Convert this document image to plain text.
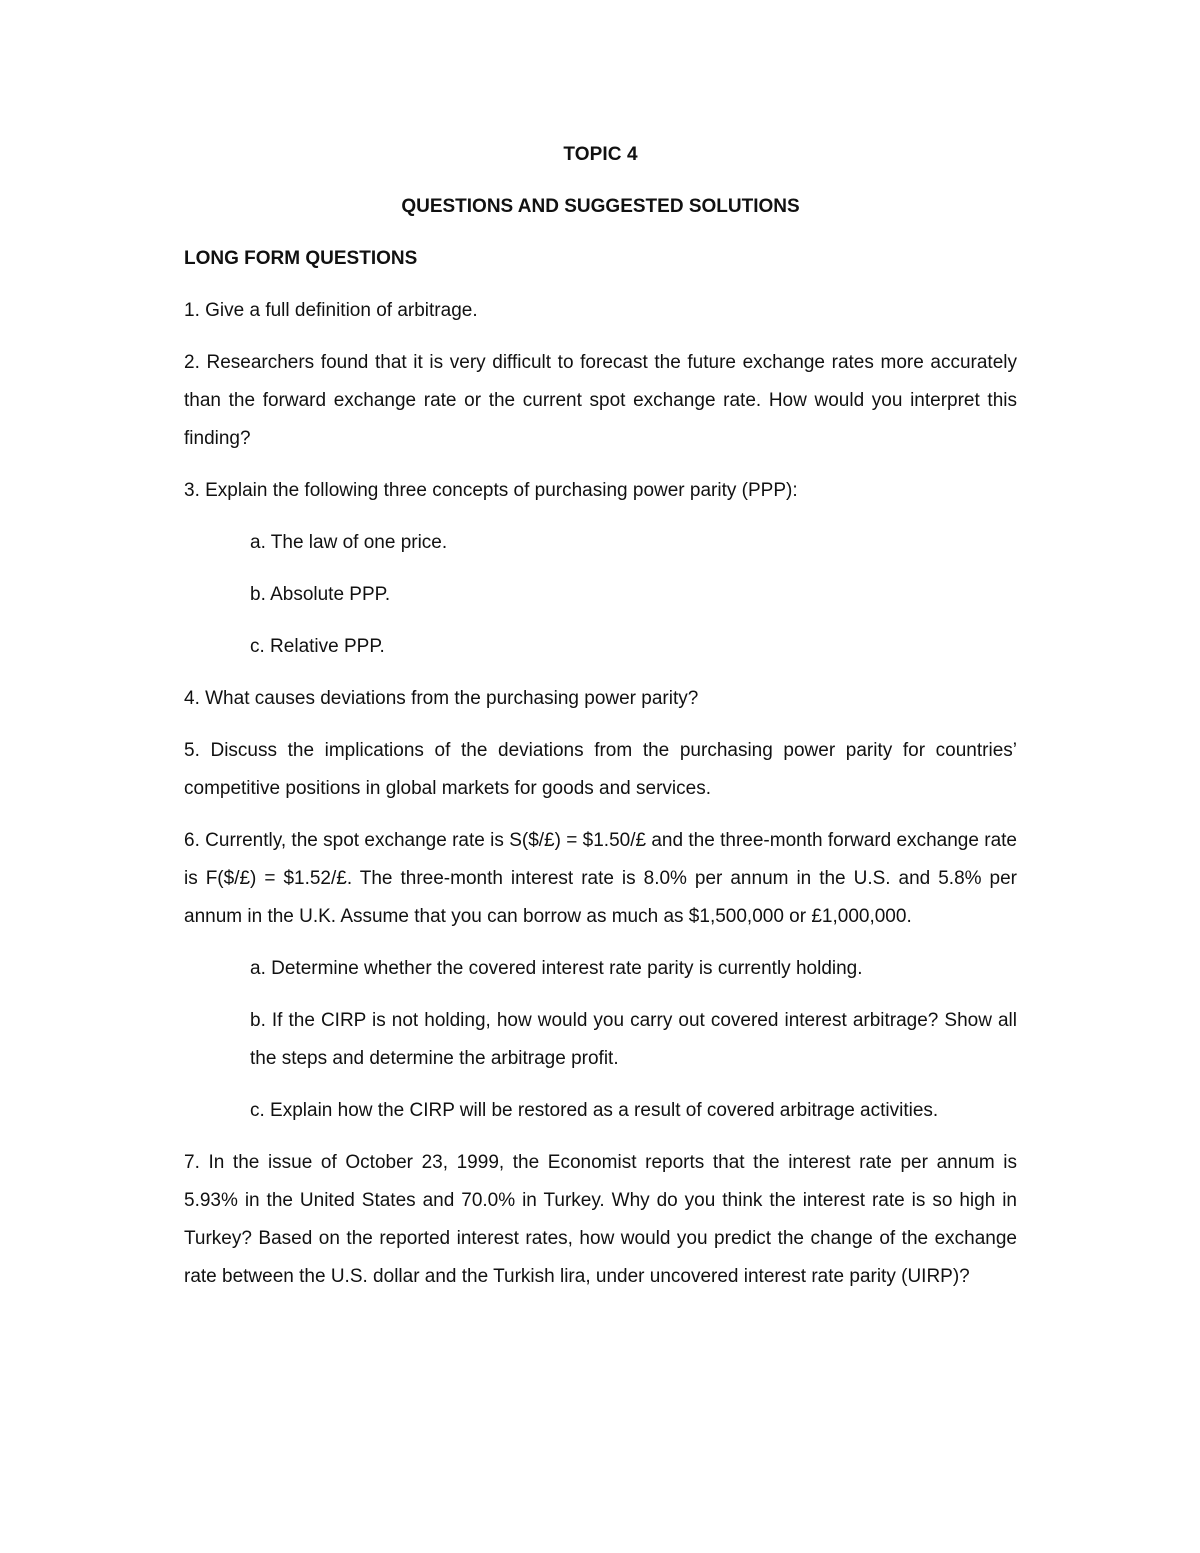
TOPIC 4
QUESTIONS AND SUGGESTED SOLUTIONS
LONG FORM QUESTIONS

1. Give a full definition of arbitrage.

2. Researchers found that it is very difficult to forecast the future exchange rates more accurately than the forward exchange rate or the current spot exchange rate. How would you interpret this finding?

3. Explain the following three concepts of purchasing power parity (PPP):

a. The law of one price.

b. Absolute PPP.

c. Relative PPP.

4. What causes deviations from the purchasing power parity?

5. Discuss the implications of the deviations from the purchasing power parity for countries’ competitive positions in global markets for goods and services.

6. Currently, the spot exchange rate is S($/£) = $1.50/£ and the three-month forward exchange rate is F($/£) = $1.52/£. The three-month interest rate is 8.0% per annum in the U.S. and 5.8% per annum in the U.K. Assume that you can borrow as much as $1,500,000 or £1,000,000.

a. Determine whether the covered interest rate parity is currently holding.

b. If the CIRP is not holding, how would you carry out covered interest arbitrage? Show all the steps and determine the arbitrage profit.

c. Explain how the CIRP will be restored as a result of covered arbitrage activities.

7. In the issue of October 23, 1999, the Economist reports that the interest rate per annum is 5.93% in the United States and 70.0% in Turkey. Why do you think the interest rate is so high in Turkey? Based on the reported interest rates, how would you predict the change of the exchange rate between the U.S. dollar and the Turkish lira, under uncovered interest rate parity (UIRP)?
